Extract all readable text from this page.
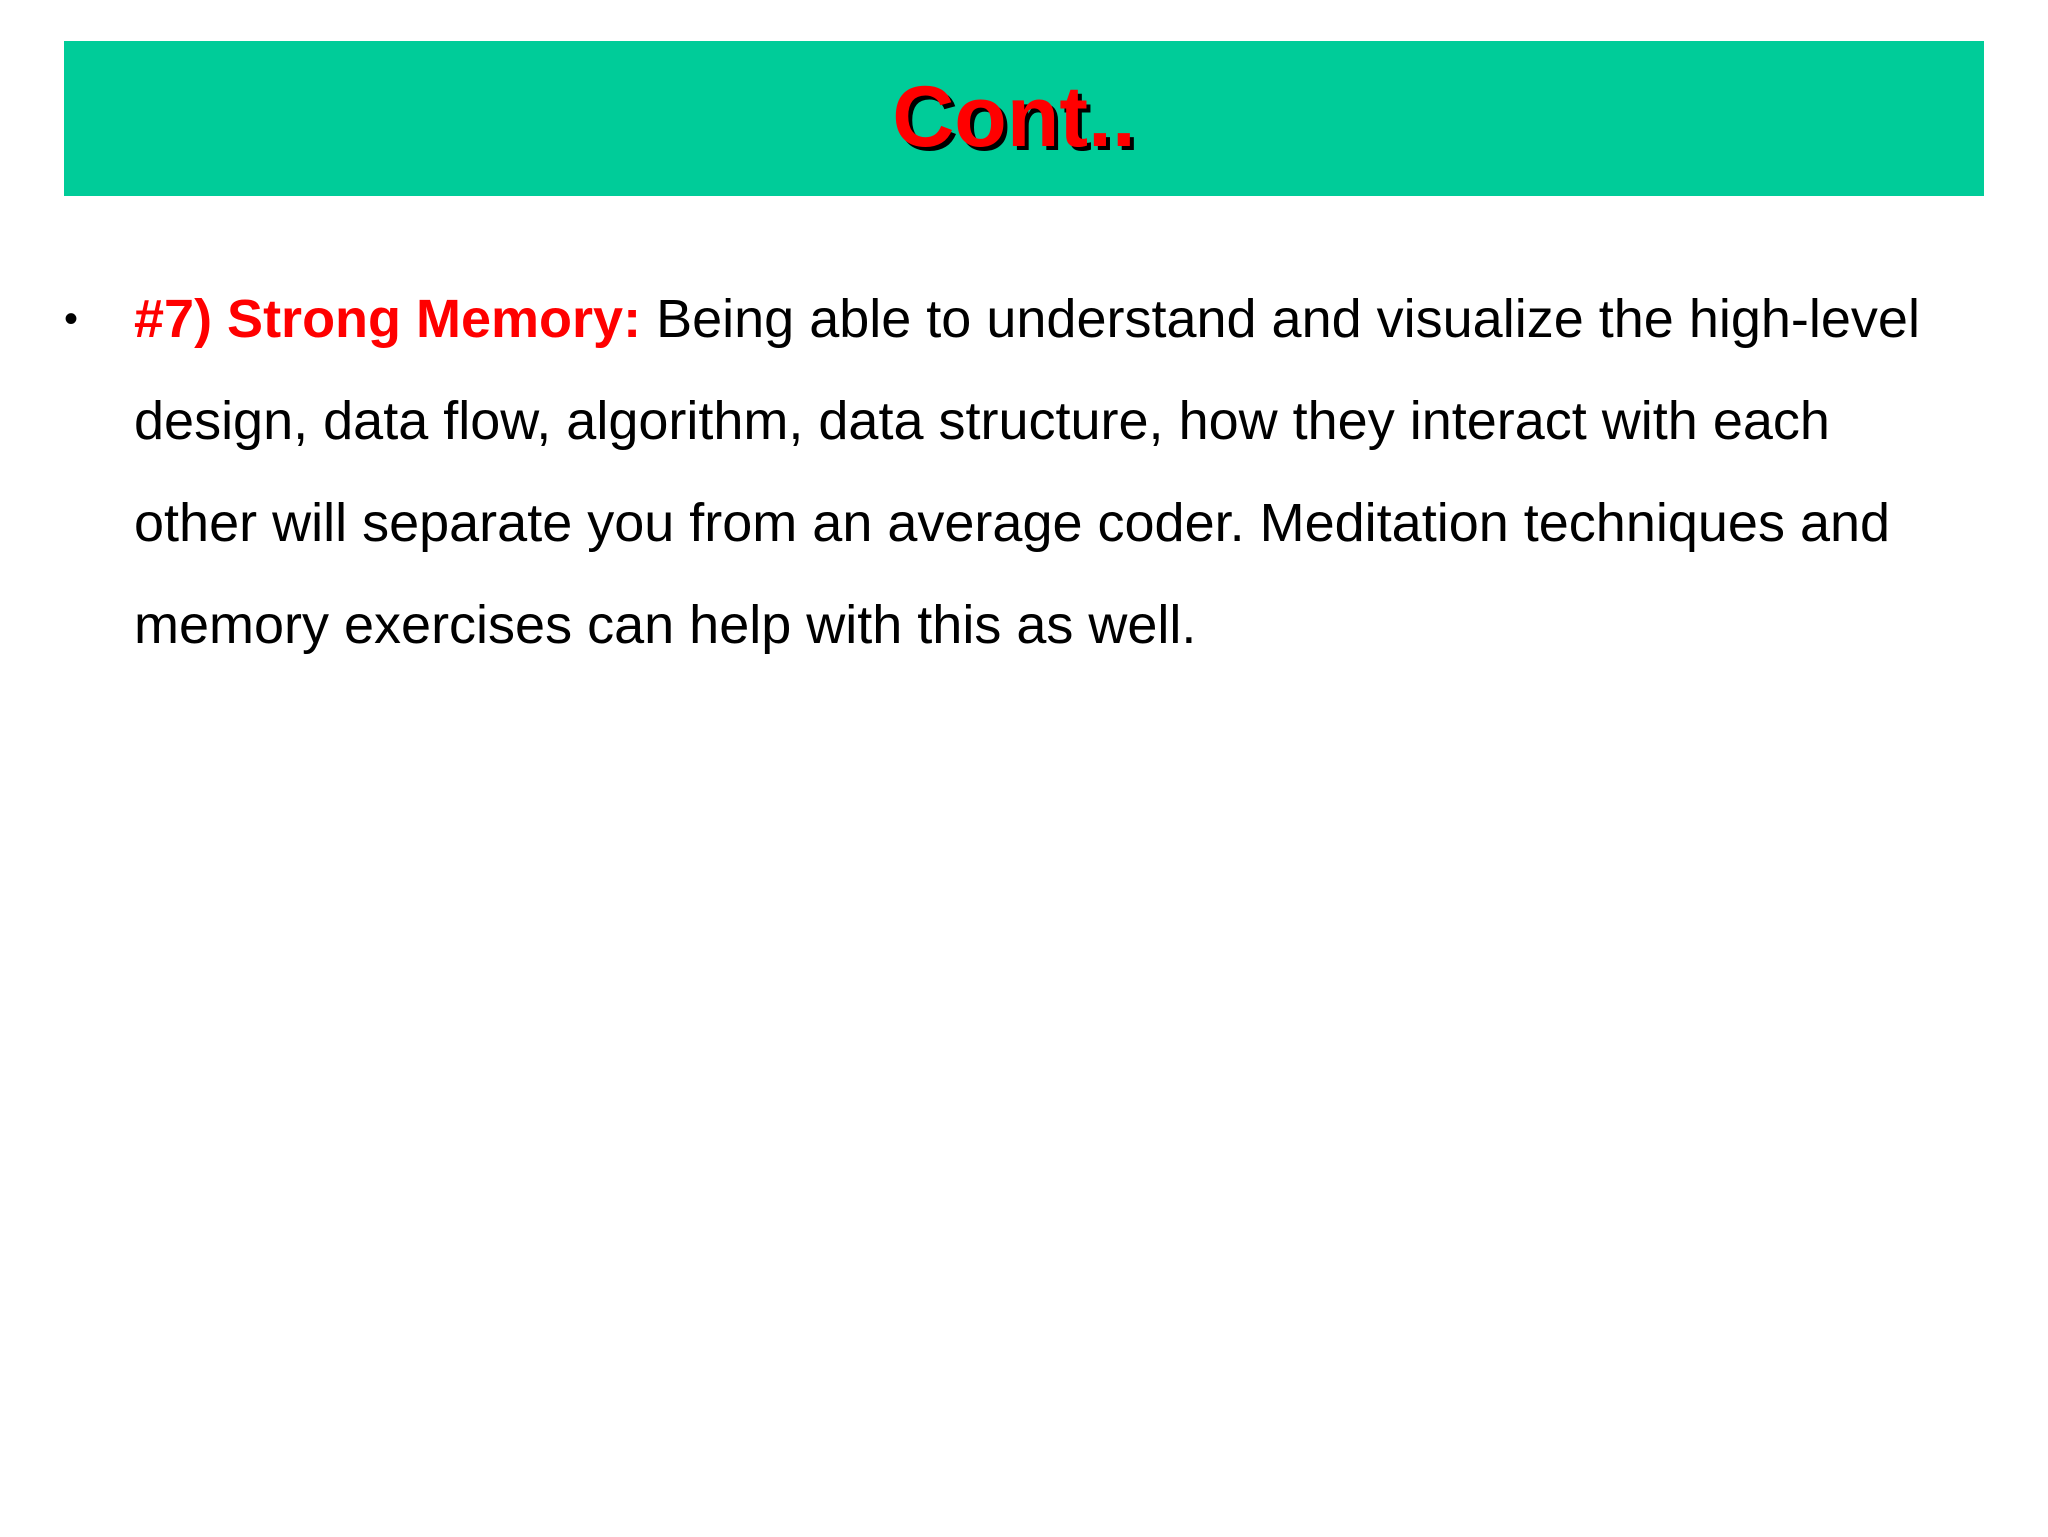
Cont..
• #7) Strong Memory: Being able to understand and visualize the high-level design, data flow, algorithm, data structure, how they interact with each other will separate you from an average coder. Meditation techniques and memory exercises can help with this as well.
